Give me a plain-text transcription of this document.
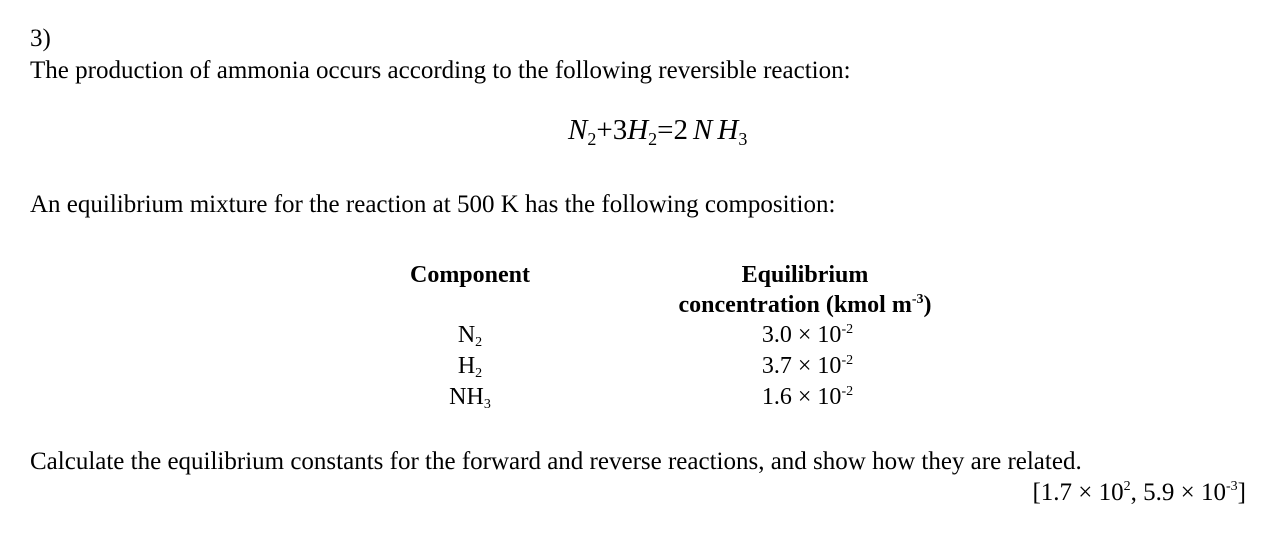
3)
The production of ammonia occurs according to the following reversible reaction:
$N_2+3H_2=2$ N $H_3$
An equilibrium mixture for the reaction at 500 K has the following composition:
Component	Equilibrium
concentration (kmol $m^{-3}$)
$N_2$	$3.0 \times 10^{-2}$
$H_2$	$3.7 \times 10^{-2}$
$NH_3$	$1.6 \times 10^{-2}$
Calculate the equilibrium constants for the forward and reverse reactions, and show how they are related.
[$1.7 \times 10^2$, $5.9 \times 10^{-3}$]
